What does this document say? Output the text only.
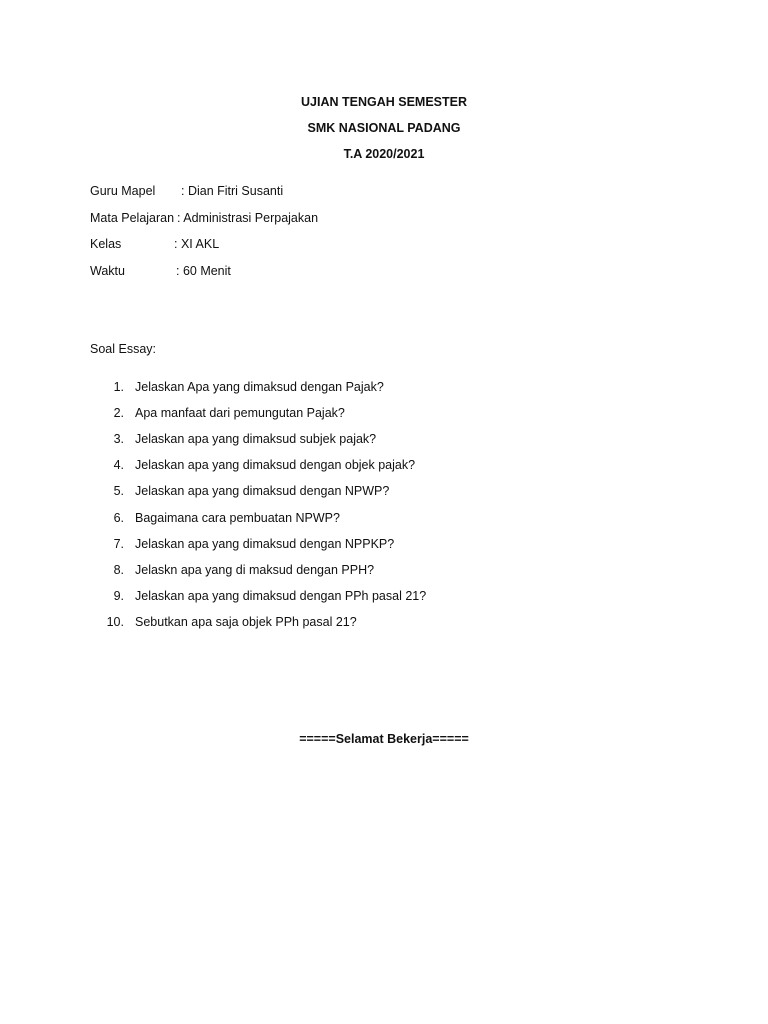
UJIAN TENGAH SEMESTER
SMK NASIONAL PADANG
T.A 2020/2021
Guru Mapel : Dian Fitri Susanti
Mata Pelajaran : Administrasi Perpajakan
Kelas	: XI AKL
Waktu	: 60 Menit
Soal Essay:
1. Jelaskan Apa yang dimaksud dengan Pajak?
2. Apa manfaat dari pemungutan Pajak?
3. Jelaskan apa yang dimaksud subjek pajak?
4. Jelaskan apa yang dimaksud dengan objek pajak?
5. Jelaskan apa yang dimaksud dengan NPWP?
6. Bagaimana cara pembuatan NPWP?
7. Jelaskan apa yang dimaksud dengan NPPKP?
8. Jelaskn apa yang di maksud dengan PPH?
9. Jelaskan apa yang dimaksud dengan PPh pasal 21?
10. Sebutkan apa saja objek PPh pasal 21?
=====Selamat Bekerja=====
